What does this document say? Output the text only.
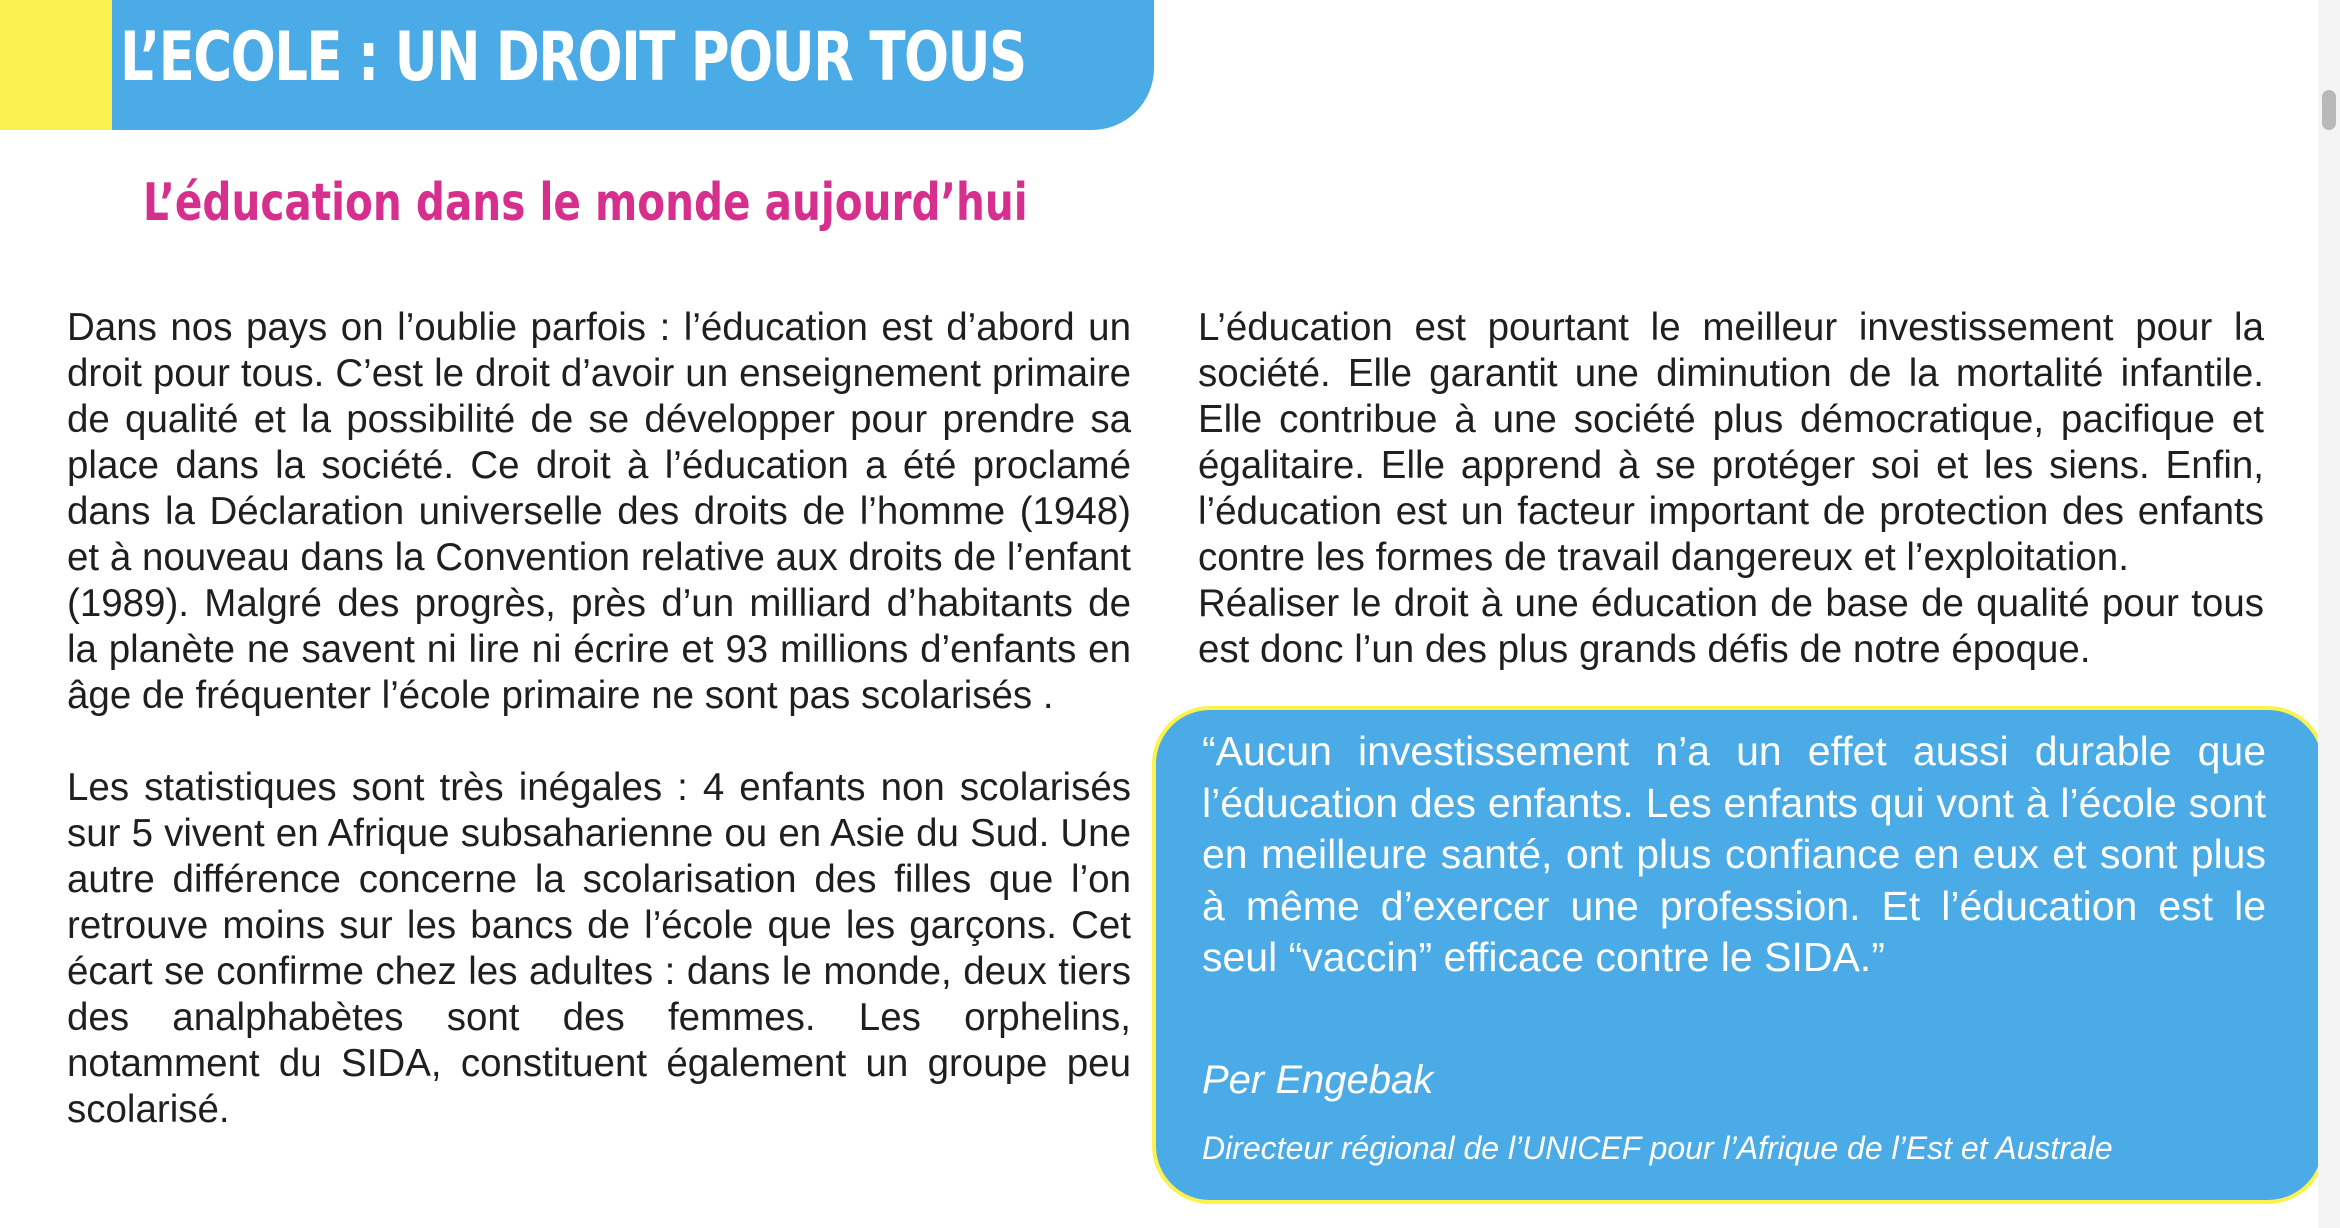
L’ECOLE : UN DROIT POUR TOUS
L’éducation dans le monde aujourd’hui

Dans nos pays on l’oublie parfois : l’éducation est d’abord un droit pour tous. C’est le droit d’avoir un enseignement primaire de qualité et la possibilité de se développer pour prendre sa place dans la société. Ce droit à l’éducation a été proclamé dans la Déclaration universelle des droits de l’homme (1948) et à nouveau dans la Convention relative aux droits de l’enfant (1989). Malgré des progrès, près d’un milliard d’habitants de la planète ne savent ni lire ni écrire et 93 millions d’enfants en âge de fréquenter l’école primaire ne sont pas scolarisés .

Les statistiques sont très inégales : 4 enfants non scolarisés sur 5 vivent en Afrique subsaharienne ou en Asie du Sud. Une autre différence concerne la scolarisation des filles que l’on retrouve moins sur les bancs de l’école que les garçons. Cet écart se confirme chez les adultes : dans le monde, deux tiers des analphabètes sont des femmes. Les orphelins, notamment du SIDA, constituent également un groupe peu scolarisé.

L’éducation est pourtant le meilleur investissement pour la société. Elle garantit une diminution de la mortalité infantile. Elle contribue à une société plus démocratique, pacifique et égalitaire. Elle apprend à se protéger soi et les siens. Enfin, l’éducation est un facteur important de protection des enfants contre les formes de travail dangereux et l’exploitation.

Réaliser le droit à une éducation de base de qualité pour tous est donc l’un des plus grands défis de notre époque.

“Aucun investissement n’a un effet aussi durable que l’éducation des enfants. Les enfants qui vont à l’école sont en meilleure santé, ont plus confiance en eux et sont plus à même d’exercer une profession. Et l’éducation est le seul “vaccin” efficace contre le SIDA.”

Per Engebak

Directeur régional de l’UNICEF pour l’Afrique de l’Est et Australe
